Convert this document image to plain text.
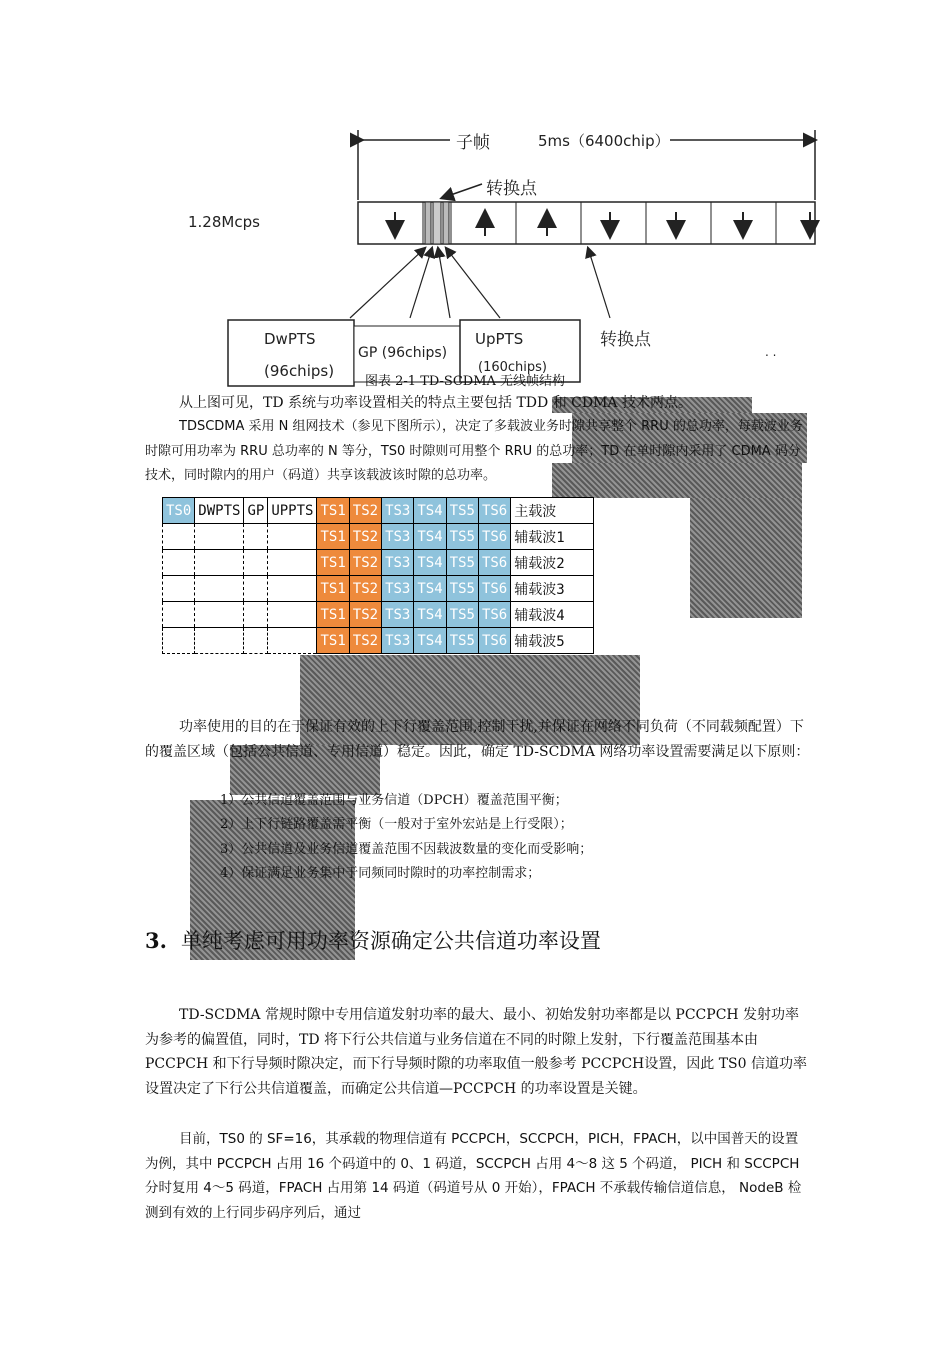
子帧	5ms（6400chip）
转换点
1.28Mcps
DwPTS
(96chips)
GP (96chips)
UpPTS
(160chips)
转换点
. .
图表 2-1 TD-SCDMA 无线帧结构

从上图可见，TD 系统与功率设置相关的特点主要包括 TDD 和 CDMA 技术两点。

TDSCDMA 采用 N 组网技术（参见下图所示），决定了多载波业务时隙共享整个 RRU 的总功率，每载波业务时隙可用功率为 RRU 总功率的 N 等分，TS0 时隙则可用整个 RRU 的总功率；TD 在单时隙内采用了 CDMA 码分技术，同时隙内的用户（码道）共享该载波该时隙的总功率。

TS0	DWPTS	GP	UPPTS	TS1	TS2	TS3	TS4	TS5	TS6	主载波
				TS1	TS2	TS3	TS4	TS5	TS6	辅载波1
				TS1	TS2	TS3	TS4	TS5	TS6	辅载波2
				TS1	TS2	TS3	TS4	TS5	TS6	辅载波3
				TS1	TS2	TS3	TS4	TS5	TS6	辅载波4
				TS1	TS2	TS3	TS4	TS5	TS6	辅载波5

功率使用的目的在于保证有效的上下行覆盖范围,控制干扰,并保证在网络不同负荷（不同载频配置）下的覆盖区域（包括公共信道、专用信道）稳定。因此，确定 TD-SCDMA 网络功率设置需要满足以下原则：

1）公共信道覆盖范围与业务信道（DPCH）覆盖范围平衡；
2）上下行链路覆盖需平衡（一般对于室外宏站是上行受限）；
3）公共信道及业务信道覆盖范围不因载波数量的变化而受影响；
4）保证满足业务集中于同频同时隙时的功率控制需求；
3. 单纯考虑可用功率资源确定公共信道功率设置

TD-SCDMA 常规时隙中专用信道发射功率的最大、最小、初始发射功率都是以 PCCPCH 发射功率为参考的偏置值，同时，TD 将下行公共信道与业务信道在不同的时隙上发射，下行覆盖范围基本由 PCCPCH 和下行导频时隙决定，而下行导频时隙的功率取值一般参考 PCCPCH设置，因此 TS0 信道功率设置决定了下行公共信道覆盖，而确定公共信道—PCCPCH 的功率设置是关键。

目前，TS0 的 SF=16，其承载的物理信道有 PCCPCH，SCCPCH，PICH，FPACH，以中国普天的设置为例，其中 PCCPCH 占用 16 个码道中的 0、1 码道，SCCPCH 占用 4～8 这 5 个码道， PICH 和 SCCPCH 分时复用 4～5 码道，FPACH 占用第 14 码道（码道号从 0 开始），FPACH 不承载传输信道信息， NodeB 检测到有效的上行同步码序列后，通过
